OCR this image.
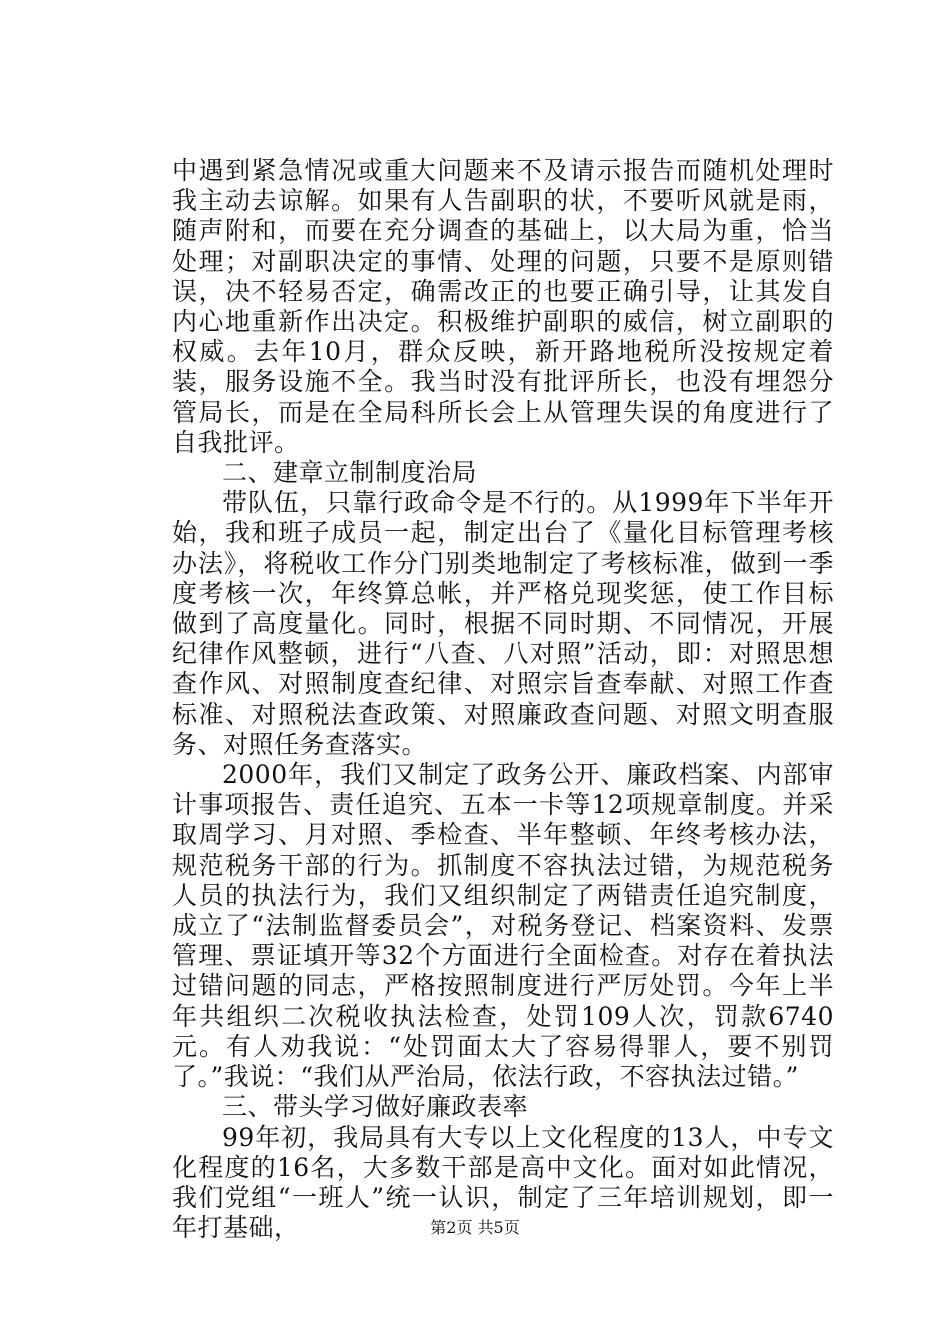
中遇到紧急情况或重大问题来不及请示报告而随机处理时我主动去谅解。如果有人告副职的状，不要听风就是雨，随声附和，而要在充分调查的基础上，以大局为重，恰当处理；对副职决定的事情、处理的问题，只要不是原则错误，决不轻易否定，确需改正的也要正确引导，让其发自内心地重新作出决定。积极维护副职的威信，树立副职的权威。去年10月，群众反映，新开路地税所没按规定着装，服务设施不全。我当时没有批评所长，也没有埋怨分管局长，而是在全局科所长会上从管理失误的角度进行了自我批评。

二、建章立制制度治局

带队伍，只靠行政命令是不行的。从1999年下半年开始，我和班子成员一起，制定出台了《量化目标管理考核办法》，将税收工作分门别类地制定了考核标准，做到一季度考核一次，年终算总帐，并严格兑现奖惩，使工作目标做到了高度量化。同时，根据不同时期、不同情况，开展纪律作风整顿，进行“八查、八对照”活动，即：对照思想查作风、对照制度查纪律、对照宗旨查奉献、对照工作查标准、对照税法查政策、对照廉政查问题、对照文明查服务、对照任务查落实。

2000年，我们又制定了政务公开、廉政档案、内部审计事项报告、责任追究、五本一卡等12项规章制度。并采取周学习、月对照、季检查、半年整顿、年终考核办法，规范税务干部的行为。抓制度不容执法过错，为规范税务人员的执法行为，我们又组织制定了两错责任追究制度，成立了“法制监督委员会”，对税务登记、档案资料、发票管理、票证填开等32个方面进行全面检查。对存在着执法过错问题的同志，严格按照制度进行严厉处罚。今年上半年共组织二次税收执法检查，处罚109人次，罚款6740元。有人劝我说：“处罚面太大了容易得罪人，要不别罚了。”我说：“我们从严治局，依法行政，不容执法过错。”

三、带头学习做好廉政表率

99年初，我局具有大专以上文化程度的13人，中专文化程度的16名，大多数干部是高中文化。面对如此情况，我们党组“一班人”统一认识，制定了三年培训规划，即一年打基础，	第2页 共5页
